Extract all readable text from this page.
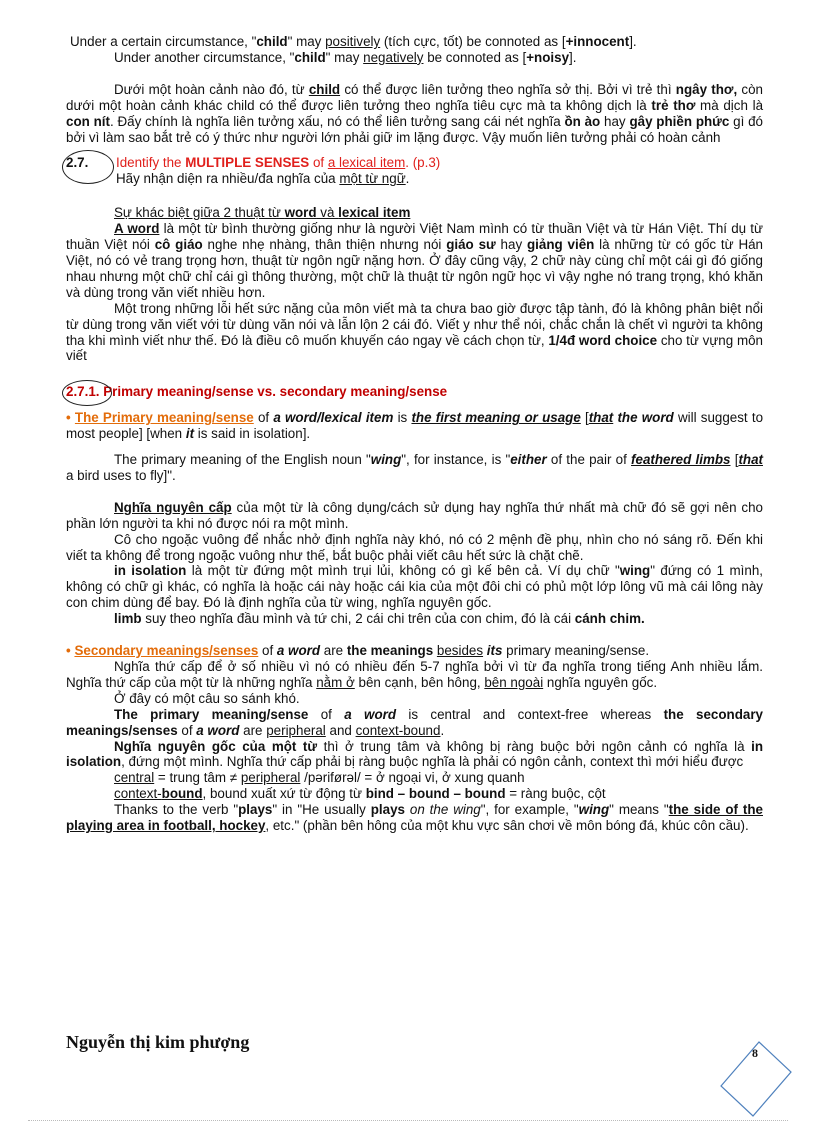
Under a certain circumstance, "child" may positively (tích cực, tốt) be connoted as [+innocent].

Under another circumstance, "child" may negatively be connoted as [+noisy].

Dưới một hoàn cảnh nào đó, từ child có thể được liên tưởng theo nghĩa sở thị. Bởi vì trẻ thì ngây thơ, còn dưới một hoàn cảnh khác child có thể được liên tưởng theo nghĩa tiêu cực mà ta không dịch là trẻ thơ mà dịch là con nít. Đấy chính là nghĩa liên tưởng xấu, nó có thể liên tưởng sang cái nét nghĩa ồn ào hay gây phiền phức gì đó bởi vì làm sao bắt trẻ có ý thức như người lớn phải giữ im lặng được. Vậy muốn liên tưởng phải có hoàn cảnh

2.7. Identify the MULTIPLE SENSES of a lexical item. (p.3)

Hãy nhận diện ra nhiều/đa nghĩa của một từ ngữ.

Sự khác biệt giữa 2 thuật từ word và lexical item

A word là một từ bình thường giống như là người Việt Nam mình có từ thuần Việt và từ Hán Việt. Thí dụ từ thuần Việt nói cô giáo nghe nhẹ nhàng, thân thiện nhưng nói giáo sư hay giảng viên là những từ có gốc từ Hán Việt, nó có vẻ trang trọng hơn, thuật từ ngôn ngữ nặng hơn. Ở đây cũng vậy, 2 chữ này cùng chỉ một cái gì đó giống nhau nhưng một chữ chỉ cái gì thông thường, một chữ là thuật từ ngôn ngữ học vì vậy nghe nó trang trọng, khó khăn và dùng trong văn viết nhiều hơn.

Một trong những lỗi hết sức nặng của môn viết mà ta chưa bao giờ được tập tành, đó là không phân biệt nổi từ dùng trong văn viết với từ dùng văn nói và lẫn lộn 2 cái đó. Viết y như thể nói, chắc chắn là chết vì người ta không tha khi mình viết như thế. Đó là điều cô muốn khuyến cáo ngay về cách chọn từ, 1/4đ word choice cho từ vựng môn viết

2.7.1. Primary meaning/sense vs. secondary meaning/sense

• The Primary meaning/sense of a word/lexical item is the first meaning or usage [that the word will suggest to most people] [when it is said in isolation].

The primary meaning of the English noun "wing", for instance, is "either of the pair of feathered limbs [that a bird uses to fly]".

Nghĩa nguyên cấp của một từ là công dụng/cách sử dụng hay nghĩa thứ nhất mà chữ đó sẽ gợi nên cho phần lớn người ta khi nó được nói ra một mình.

Cô cho ngoặc vuông để nhắc nhở định nghĩa này khó, nó có 2 mệnh đề phụ, nhìn cho nó sáng rõ. Đến khi viết ta không để trong ngoặc vuông như thế, bắt buộc phải viết câu hết sức là chặt chẽ.

in isolation là một từ đứng một mình trụi lủi, không có gì kế bên cả. Ví dụ chữ "wing" đứng có 1 mình, không có chữ gì khác, có nghĩa là hoặc cái này hoặc cái kia của một đôi chi có phủ một lớp lông vũ mà cái lông này con chim dùng để bay. Đó là định nghĩa của từ wing, nghĩa nguyên gốc.

limb suy theo nghĩa đầu mình và tứ chi, 2 cái chi trên của con chim, đó là cái cánh chim.

• Secondary meanings/senses of a word are the meanings besides its primary meaning/sense.

Nghĩa thứ cấp để ở số nhiều vì nó có nhiều đến 5-7 nghĩa bởi vì từ đa nghĩa trong tiếng Anh nhiều lắm. Nghĩa thứ cấp của một từ là những nghĩa nằm ở bên cạnh, bên hông, bên ngoài nghĩa nguyên gốc.

Ở đây có một câu so sánh khó.

The primary meaning/sense of a word is central and context-free whereas the secondary meanings/senses of a word are peripheral and context-bound.

Nghĩa nguyên gốc của một từ thì ở trung tâm và không bị ràng buộc bởi ngôn cảnh có nghĩa là in isolation, đứng một mình. Nghĩa thứ cấp phải bị ràng buộc nghĩa là phải có ngôn cảnh, context thì mới hiểu được

central = trung tâm ≠ peripheral /pəriførəl/ = ở ngoại vi, ở xung quanh

context-bound, bound xuất xứ từ động từ bind – bound – bound = ràng buộc, cột

Thanks to the verb "plays" in "He usually plays on the wing", for example, "wing" means "the side of the playing area in football, hockey, etc." (phần bên hông của một khu vực sân chơi về môn bóng đá, khúc côn cầu).

Nguyễn thị kim phượng
8
